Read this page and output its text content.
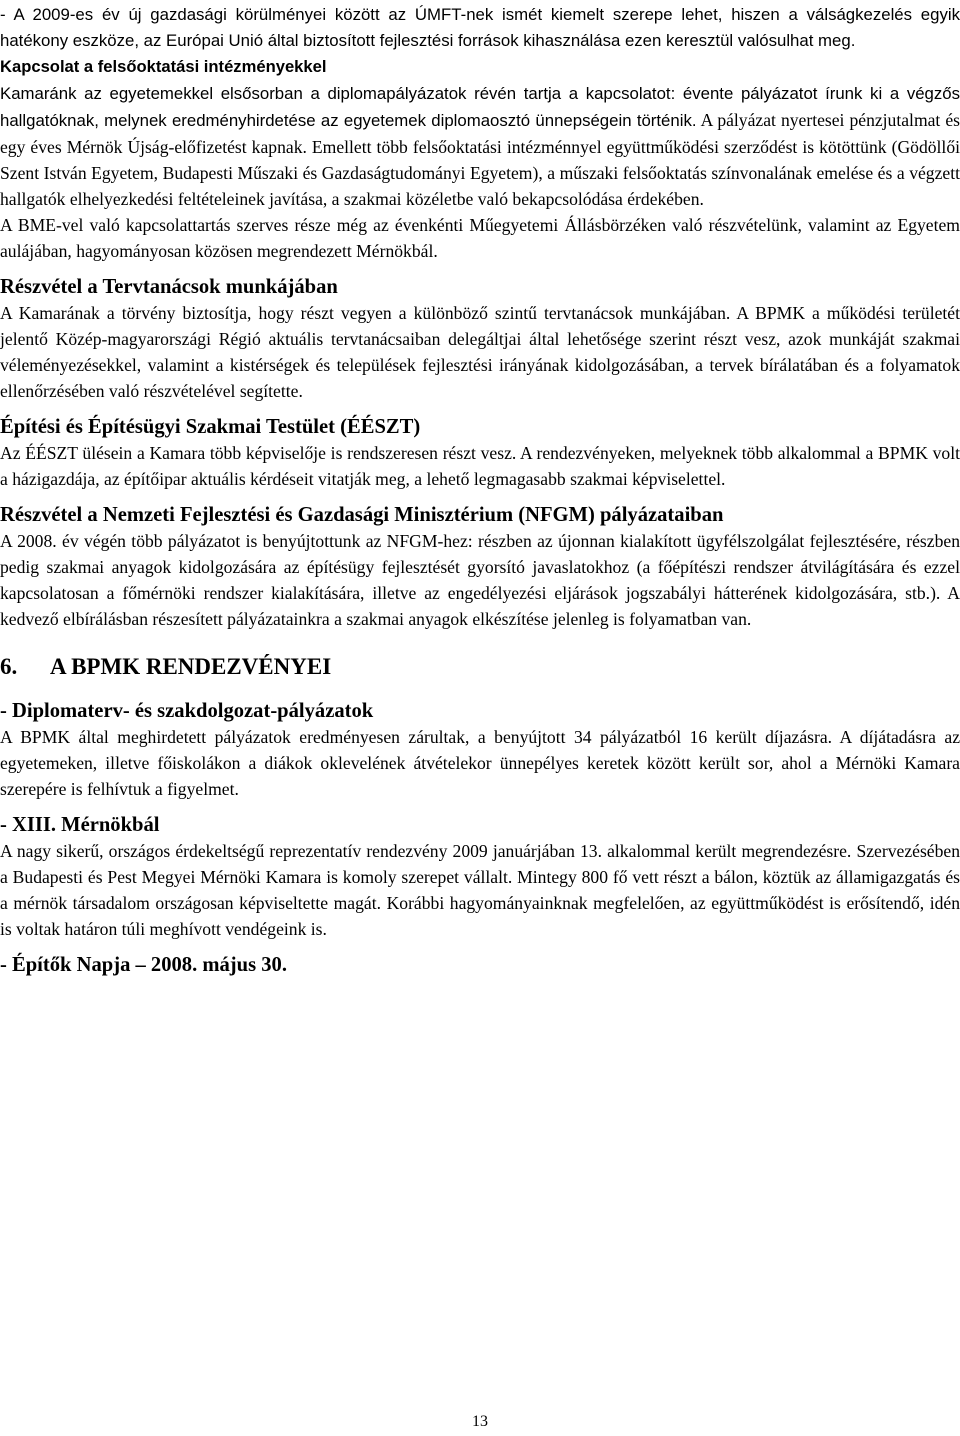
- A 2009-es év új gazdasági körülményei között az ÚMFT-nek ismét kiemelt szerepe lehet, hiszen a válságkezelés egyik hatékony eszköze, az Európai Unió által biztosított fejlesztési források kihasználása ezen keresztül valósulhat meg.

Kapcsolat a felsőoktatási intézményekkel

Kamaránk az egyetemekkel elsősorban a diplomapályázatok révén tartja a kapcsolatot: évente pályázatot írunk ki a végzős hallgatóknak, melynek eredményhirdetése az egyetemek diplomaosztó ünnepségein történik. A pályázat nyertesei pénzjutalmat és egy éves Mérnök Újság-előfizetést kapnak. Emellett több felsőoktatási intézménnyel együttműködési szerződést is kötöttünk (Gödöllői Szent István Egyetem, Budapesti Műszaki és Gazdaságtudományi Egyetem), a műszaki felsőoktatás színvonalának emelése és a végzett hallgatók elhelyezkedési feltételeinek javítása, a szakmai közéletbe való bekapcsolódása érdekében.

A BME-vel való kapcsolattartás szerves része még az évenkénti Műegyetemi Állásbörzéken való részvételünk, valamint az Egyetem aulájában, hagyományosan közösen megrendezett Mérnökbál.

Részvétel a Tervtanácsok munkájában

A Kamarának a törvény biztosítja, hogy részt vegyen a különböző szintű tervtanácsok munkájában. A BPMK a működési területét jelentő Közép-magyarországi Régió aktuális tervtanácsaiban delegáltjai által lehetősége szerint részt vesz, azok munkáját szakmai véleményezésekkel, valamint a kistérségek és települések fejlesztési irányának kidolgozásában, a tervek bírálatában és a folyamatok ellenőrzésében való részvételével segítette.

Építési és Építésügyi Szakmai Testület (ÉÉSZT)

Az ÉÉSZT ülésein a Kamara több képviselője is rendszeresen részt vesz. A rendezvényeken, melyeknek több alkalommal a BPMK volt a házigazdája, az építőipar aktuális kérdéseit vitatják meg, a lehető legmagasabb szakmai képviselettel.

Részvétel a Nemzeti Fejlesztési és Gazdasági Minisztérium (NFGM) pályázataiban

A 2008. év végén több pályázatot is benyújtottunk az NFGM-hez: részben az újonnan kialakított ügyfélszolgálat fejlesztésére, részben pedig szakmai anyagok kidolgozására az építésügy fejlesztését gyorsító javaslatokhoz (a főépítészi rendszer átvilágítására és ezzel kapcsolatosan a főmérnöki rendszer kialakítására, illetve az engedélyezési eljárások jogszabályi hátterének kidolgozására, stb.). A kedvező elbírálásban részesített pályázatainkra a szakmai anyagok elkészítése jelenleg is folyamatban van.

6. A BPMK RENDEZVÉNYEI
- Diplomaterv- és szakdolgozat-pályázatok

A BPMK által meghirdetett pályázatok eredményesen zárultak, a benyújtott 34 pályázatból 16 került díjazásra. A díjátadásra az egyetemeken, illetve főiskolákon a diákok oklevelének átvételekor ünnepélyes keretek között került sor, ahol a Mérnöki Kamara szerepére is felhívtuk a figyelmet.

- XIII. Mérnökbál

A nagy sikerű, országos érdekeltségű reprezentatív rendezvény 2009 januárjában 13. alkalommal került megrendezésre. Szervezésében a Budapesti és Pest Megyei Mérnöki Kamara is komoly szerepet vállalt. Mintegy 800 fő vett részt a bálon, köztük az államigazgatás és a mérnök társadalom országosan képviseltette magát. Korábbi hagyományainknak megfelelően, az együttműködést is erősítendő, idén is voltak határon túli meghívott vendégeink is.

- Építők Napja – 2008. május 30.
13
